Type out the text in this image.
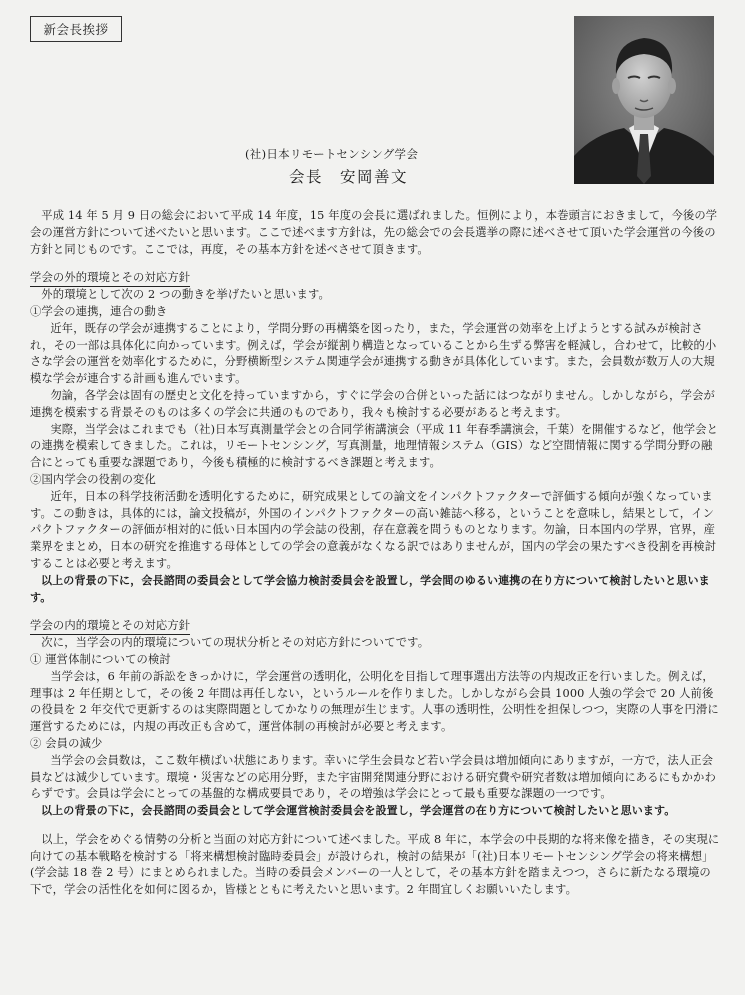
新会長挨拶
(社)日本リモートセンシング学会
会長　安岡善文

平成 14 年 5 月 9 日の総会において平成 14 年度，15 年度の会長に選ばれました。恒例により，本巻頭言におきまして，今後の学会の運営方針について述べたいと思います。ここで述べます方針は，先の総会での会長選挙の際に述べさせて頂いた学会運営の今後の方針と同じものです。ここでは，再度，その基本方針を述べさせて頂きます。

学会の外的環境とその対応方針

外的環境として次の 2 つの動きを挙げたいと思います。

①学会の連携，連合の動き

近年，既存の学会が連携することにより，学問分野の再構築を図ったり，また，学会運営の効率を上げようとする試みが検討され，その一部は具体化に向かっています。例えば，学会が縦割り構造となっていることから生ずる弊害を軽減し，合わせて，比較的小さな学会の運営を効率化するために，分野横断型システム関連学会が連携する動きが具体化しています。また，会員数が数万人の大規模な学会が連合する計画も進んでいます。

勿論，各学会は固有の歴史と文化を持っていますから，すぐに学会の合併といった話にはつながりません。しかしながら，学会が連携を模索する背景そのものは多くの学会に共通のものであり，我々も検討する必要があると考えます。

実際，当学会はこれまでも（社)日本写真測量学会との合同学術講演会（平成 11 年春季講演会，千葉）を開催するなど，他学会との連携を模索してきました。これは，リモートセンシング，写真測量，地理情報システム（GIS）など空間情報に関する学問分野の融合にとっても重要な課題であり，今後も積極的に検討するべき課題と考えます。

②国内学会の役割の変化

近年，日本の科学技術活動を透明化するために，研究成果としての論文をインパクトファクターで評価する傾向が強くなっています。この動きは，具体的には，論文投稿が，外国のインパクトファクターの高い雑誌へ移る，ということを意味し，結果として，インパクトファクターの評価が相対的に低い日本国内の学会誌の役割，存在意義を問うものとなります。勿論，日本国内の学界，官界，産業界をまとめ，日本の研究を推進する母体としての学会の意義がなくなる訳ではありませんが，国内の学会の果たすべき役割を再検討することは必要と考えます。

以上の背景の下に，会長諮問の委員会として学会協力検討委員会を設置し，学会間のゆるい連携の在り方について検討したいと思います。

学会の内的環境とその対応方針

次に，当学会の内的環境についての現状分析とその対応方針についてです。

① 運営体制についての検討

当学会は，6 年前の訴訟をきっかけに，学会運営の透明化，公明化を目指して理事選出方法等の内規改正を行いました。例えば，理事は 2 年任期として，その後 2 年間は再任しない，というルールを作りました。しかしながら会員 1000 人強の学会で 20 人前後の役員を 2 年交代で更新するのは実際問題としてかなりの無理が生じます。人事の透明性，公明性を担保しつつ，実際の人事を円滑に運営するためには，内規の再改正も含めて，運営体制の再検討が必要と考えます。

② 会員の減少

当学会の会員数は，ここ数年横ばい状態にあります。幸いに学生会員など若い学会員は増加傾向にありますが，一方で，法人正会員などは減少しています。環境・災害などの応用分野，また宇宙開発関連分野における研究費や研究者数は増加傾向にあるにもかかわらずです。会員は学会にとっての基盤的な構成要員であり，その増強は学会にとって最も重要な課題の一つです。

以上の背景の下に，会長諮問の委員会として学会運営検討委員会を設置し，学会運営の在り方について検討したいと思います。

以上，学会をめぐる情勢の分析と当面の対応方針について述べました。平成 8 年に，本学会の中長期的な将来像を描き，その実現に向けての基本戦略を検討する「将来構想検討臨時委員会」が設けられ，検討の結果が「(社)日本リモートセンシング学会の将来構想」(学会誌 18 巻 2 号）にまとめられました。当時の委員会メンバーの一人として，その基本方針を踏まえつつ，さらに新たなる環境の下で，学会の活性化を如何に図るか，皆様とともに考えたいと思います。2 年間宜しくお願いいたします。
